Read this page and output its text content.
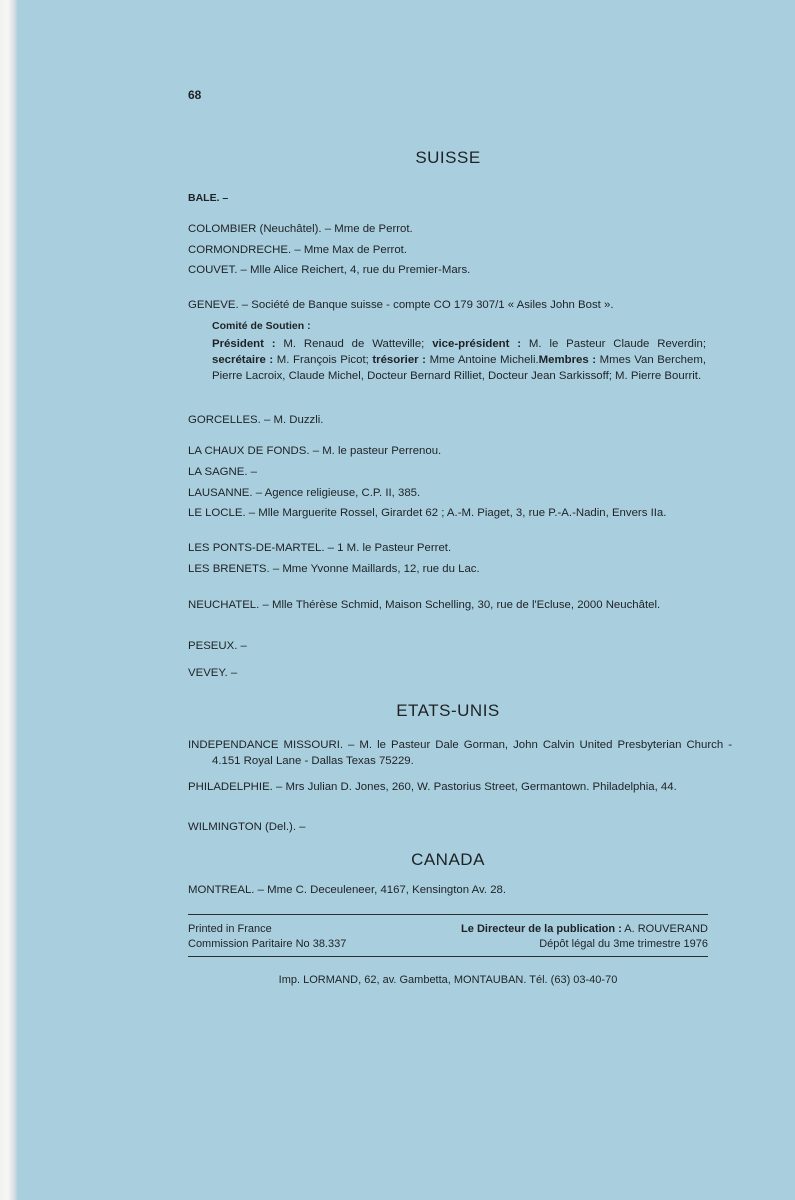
68
SUISSE
BALE. –
COLOMBIER (Neuchâtel). – Mme de Perrot.
CORMONDRECHE. – Mme Max de Perrot.
COUVET. – Mlle Alice Reichert, 4, rue du Premier-Mars.
GENEVE. – Société de Banque suisse - compte CO 179 307/1 « Asiles John Bost ».

Comité de Soutien :

Président : M. Renaud de Watteville; vice-président : M. le Pasteur Claude Reverdin; secrétaire : M. François Picot; trésorier : Mme Antoine Micheli.Membres : Mmes Van Berchem, Pierre Lacroix, Claude Michel, Docteur Bernard Rilliet, Docteur Jean Sarkissoff; M. Pierre Bourrit.

GORCELLES. – M. Duzzli.
LA CHAUX DE FONDS. – M. le pasteur Perrenou.
LA SAGNE. –
LAUSANNE. – Agence religieuse, C.P. II, 385.
LE LOCLE. – Mlle Marguerite Rossel, Girardet 62 ; A.-M. Piaget, 3, rue P.-A.-Nadin, Envers IIa.
LES PONTS-DE-MARTEL. – 1 M. le Pasteur Perret.
LES BRENETS. – Mme Yvonne Maillards, 12, rue du Lac.
NEUCHATEL. – Mlle Thérèse Schmid, Maison Schelling, 30, rue de l'Ecluse, 2000 Neuchâtel.
PESEUX. –
VEVEY. –
ETATS-UNIS
INDEPENDANCE MISSOURI. – M. le Pasteur Dale Gorman, John Calvin United Presbyterian Church - 4.151 Royal Lane - Dallas Texas 75229.
PHILADELPHIE. – Mrs Julian D. Jones, 260, W. Pastorius Street, Germantown. Philadelphia, 44.
WILMINGTON (Del.). –
CANADA
MONTREAL. – Mme C. Deceuleneer, 4167, Kensington Av. 28.
Printed in France	Le Directeur de la publication : A. ROUVERAND
Commission Paritaire No 38.337	Dépôt légal du 3me trimestre 1976
Imp. LORMAND, 62, av. Gambetta, MONTAUBAN. Tél. (63) 03-40-70
